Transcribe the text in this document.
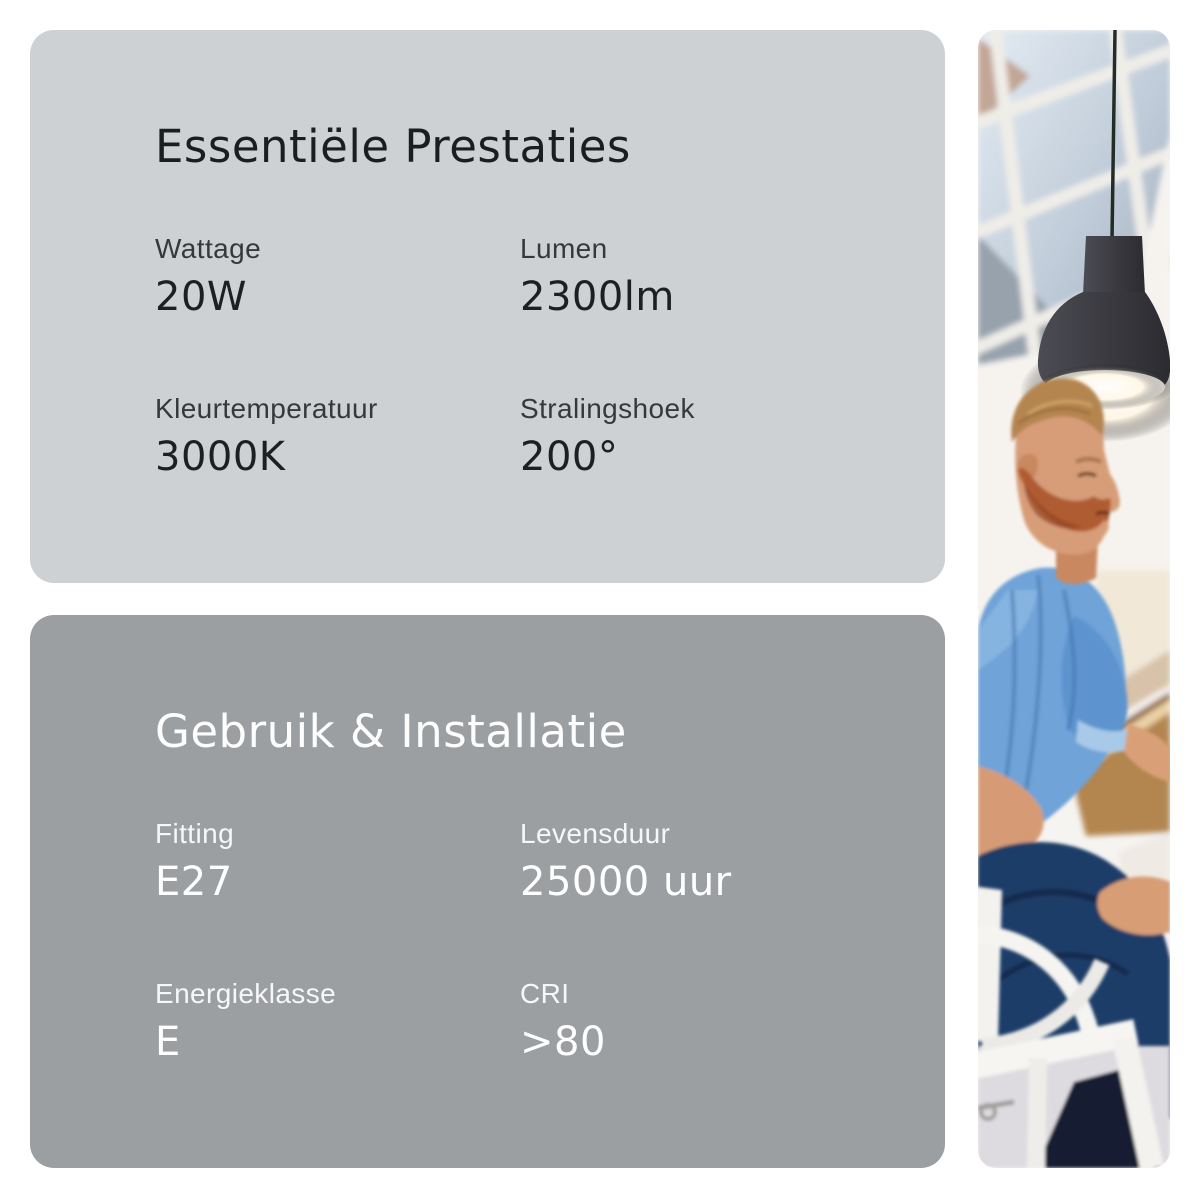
Essentiële Prestaties
Wattage
20W
Lumen
2300lm
Kleurtemperatuur
3000K
Stralingshoek
200°
Gebruik & Installatie
Fitting
E27
Levensduur
25000 uur
Energieklasse
E
CRI
>80
